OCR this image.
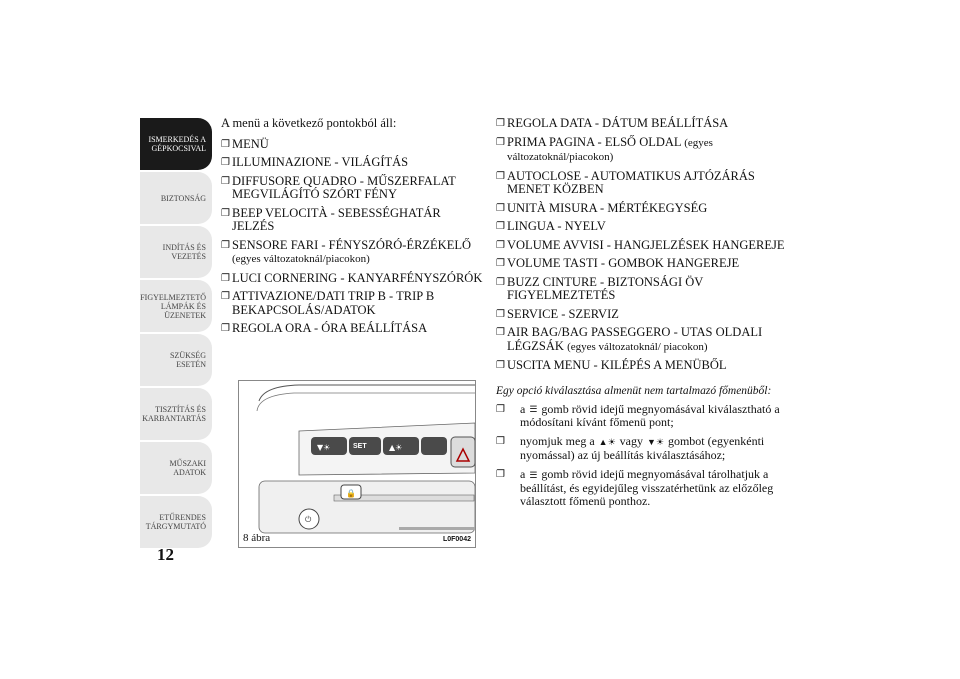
ISMERKEDÉS A
GÉPKOCSIVAL
BIZTONSÁG
INDÍTÁS ÉS
VEZETÉS
FIGYELMEZTETŐ
LÁMPÁK ÉS
ÜZENETEK
SZÜKSÉG ESETÉN
TISZTÍTÁS ÉS
KARBANTARTÁS
MŰSZAKI ADATOK
ETŰRENDES
TÁRGYMUTATÓ
12

A menü a következő pontokból áll:

❐ MENÜ
❐ ILLUMINAZIONE - VILÁGÍTÁS
❐ DIFFUSORE QUADRO - MŰSZERFALAT MEGVILÁGÍTÓ SZÓRT FÉNY
❐ BEEP VELOCITÀ - SEBESSÉGHATÁR JELZÉS
❐ SENSORE FARI - FÉNYSZÓRÓ-ÉRZÉKELŐ
(egyes változatoknál/piacokon)
❐ LUCI CORNERING - KANYARFÉNYSZÓRÓK
❐ ATTIVAZIONE/DATI TRIP B - TRIP B BEKAPCSOLÁS/ADATOK
❐ REGOLA ORA - ÓRA BEÁLLÍTÁSA
▼☀	SET	▲☀
🔒
⏻
8 ábra	L0F0042
❐ REGOLA DATA - DÁTUM BEÁLLÍTÁSA
❐ PRIMA PAGINA - ELSŐ OLDAL (egyes változatoknál/piacokon)
❐ AUTOCLOSE - AUTOMATIKUS AJTÓZÁRÁS MENET KÖZBEN
❐ UNITÀ MISURA - MÉRTÉKEGYSÉG
❐ LINGUA - NYELV
❐ VOLUME AVVISI - HANGJELZÉSEK HANGEREJE
❐ VOLUME TASTI - GOMBOK HANGEREJE
❐ BUZZ CINTURE - BIZTONSÁGI ÖV FIGYELMEZTETÉS
❐ SERVICE - SZERVIZ
❐ AIR BAG/BAG PASSEGGERO - UTAS OLDALI LÉGZSÁK (egyes változatoknál/ piacokon)
❐ USCITA MENU - KILÉPÉS A MENÜBŐL

Egy opció kiválasztása almenüt nem tartalmazó főmenüből:

❐ a ☰ gomb rövid idejű megnyomásával kiválasztható a módosítani kívánt főmenü pont;
❐ nyomjuk meg a ▲☀ vagy ▼☀ gombot (egyenkénti nyomással) az új beállítás kiválasztásához;
❐ a ☰ gomb rövid idejű megnyomásával tárolhatjuk a beállítást, és egyidejűleg visszatérhetünk az előzőleg választott főmenü ponthoz.
